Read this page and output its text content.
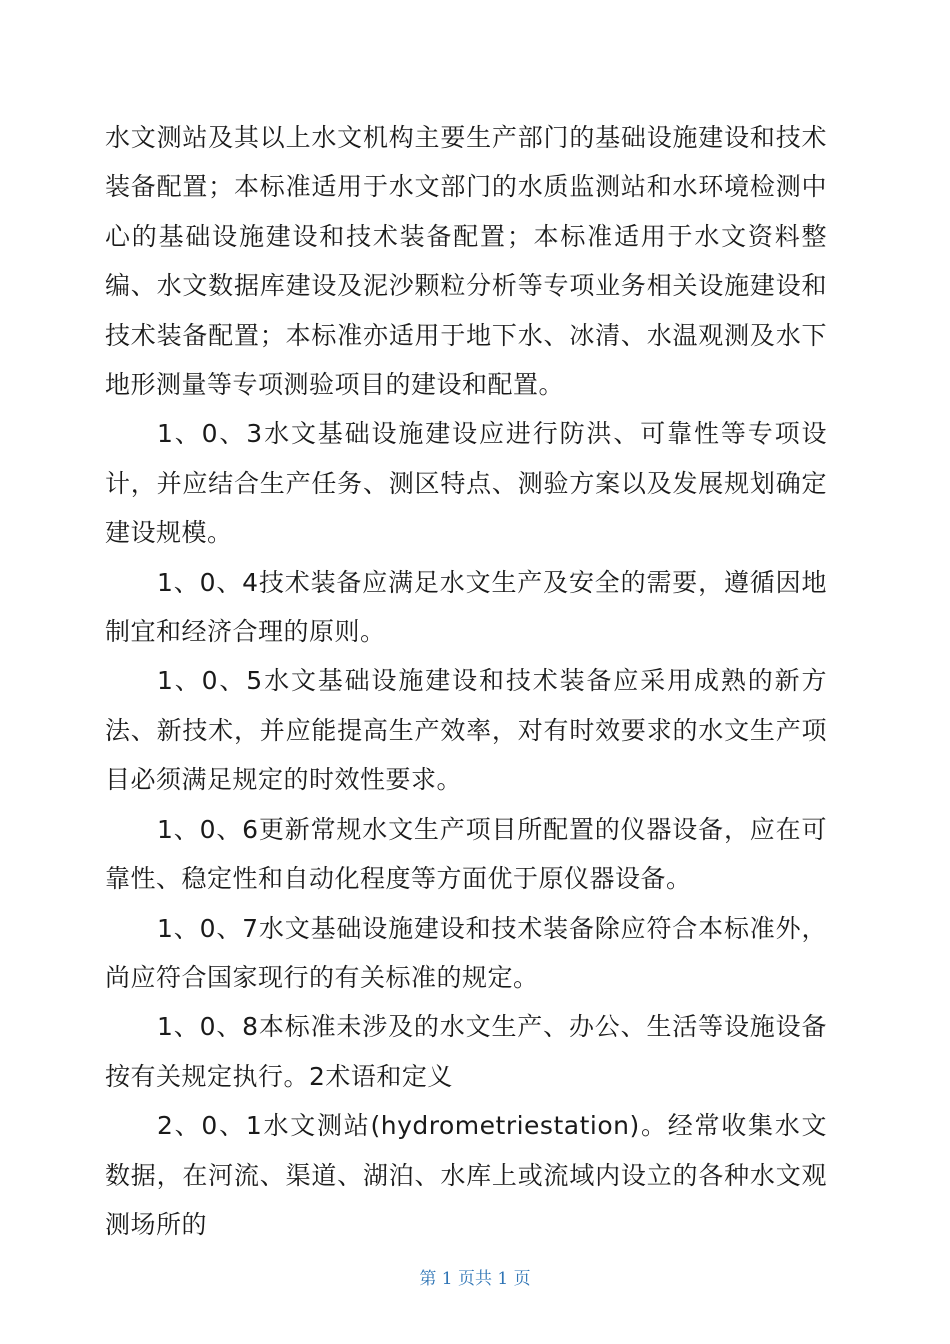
水文测站及其以上水文机构主要生产部门的基础设施建设和技术装备配置；本标准适用于水文部门的水质监测站和水环境检测中心的基础设施建设和技术装备配置；本标准适用于水文资料整编、水文数据库建设及泥沙颗粒分析等专项业务相关设施建设和技术装备配置；本标准亦适用于地下水、冰清、水温观测及水下地形测量等专项测验项目的建设和配置。

1、0、3水文基础设施建设应进行防洪、可靠性等专项设计，并应结合生产任务、测区特点、测验方案以及发展规划确定建设规模。

1、0、4技术装备应满足水文生产及安全的需要，遵循因地制宜和经济合理的原则。

1、0、5水文基础设施建设和技术装备应采用成熟的新方法、新技术，并应能提高生产效率，对有时效要求的水文生产项目必须满足规定的时效性要求。

1、0、6更新常规水文生产项目所配置的仪器设备，应在可靠性、稳定性和自动化程度等方面优于原仪器设备。

1、0、7水文基础设施建设和技术装备除应符合本标准外，尚应符合国家现行的有关标准的规定。

1、0、8本标准未涉及的水文生产、办公、生活等设施设备按有关规定执行。2术语和定义

2、0、1水文测站(hydrometriestation)。经常收集水文数据，在河流、渠道、湖泊、水库上或流域内设立的各种水文观测场所的

第 1 页共 1 页
